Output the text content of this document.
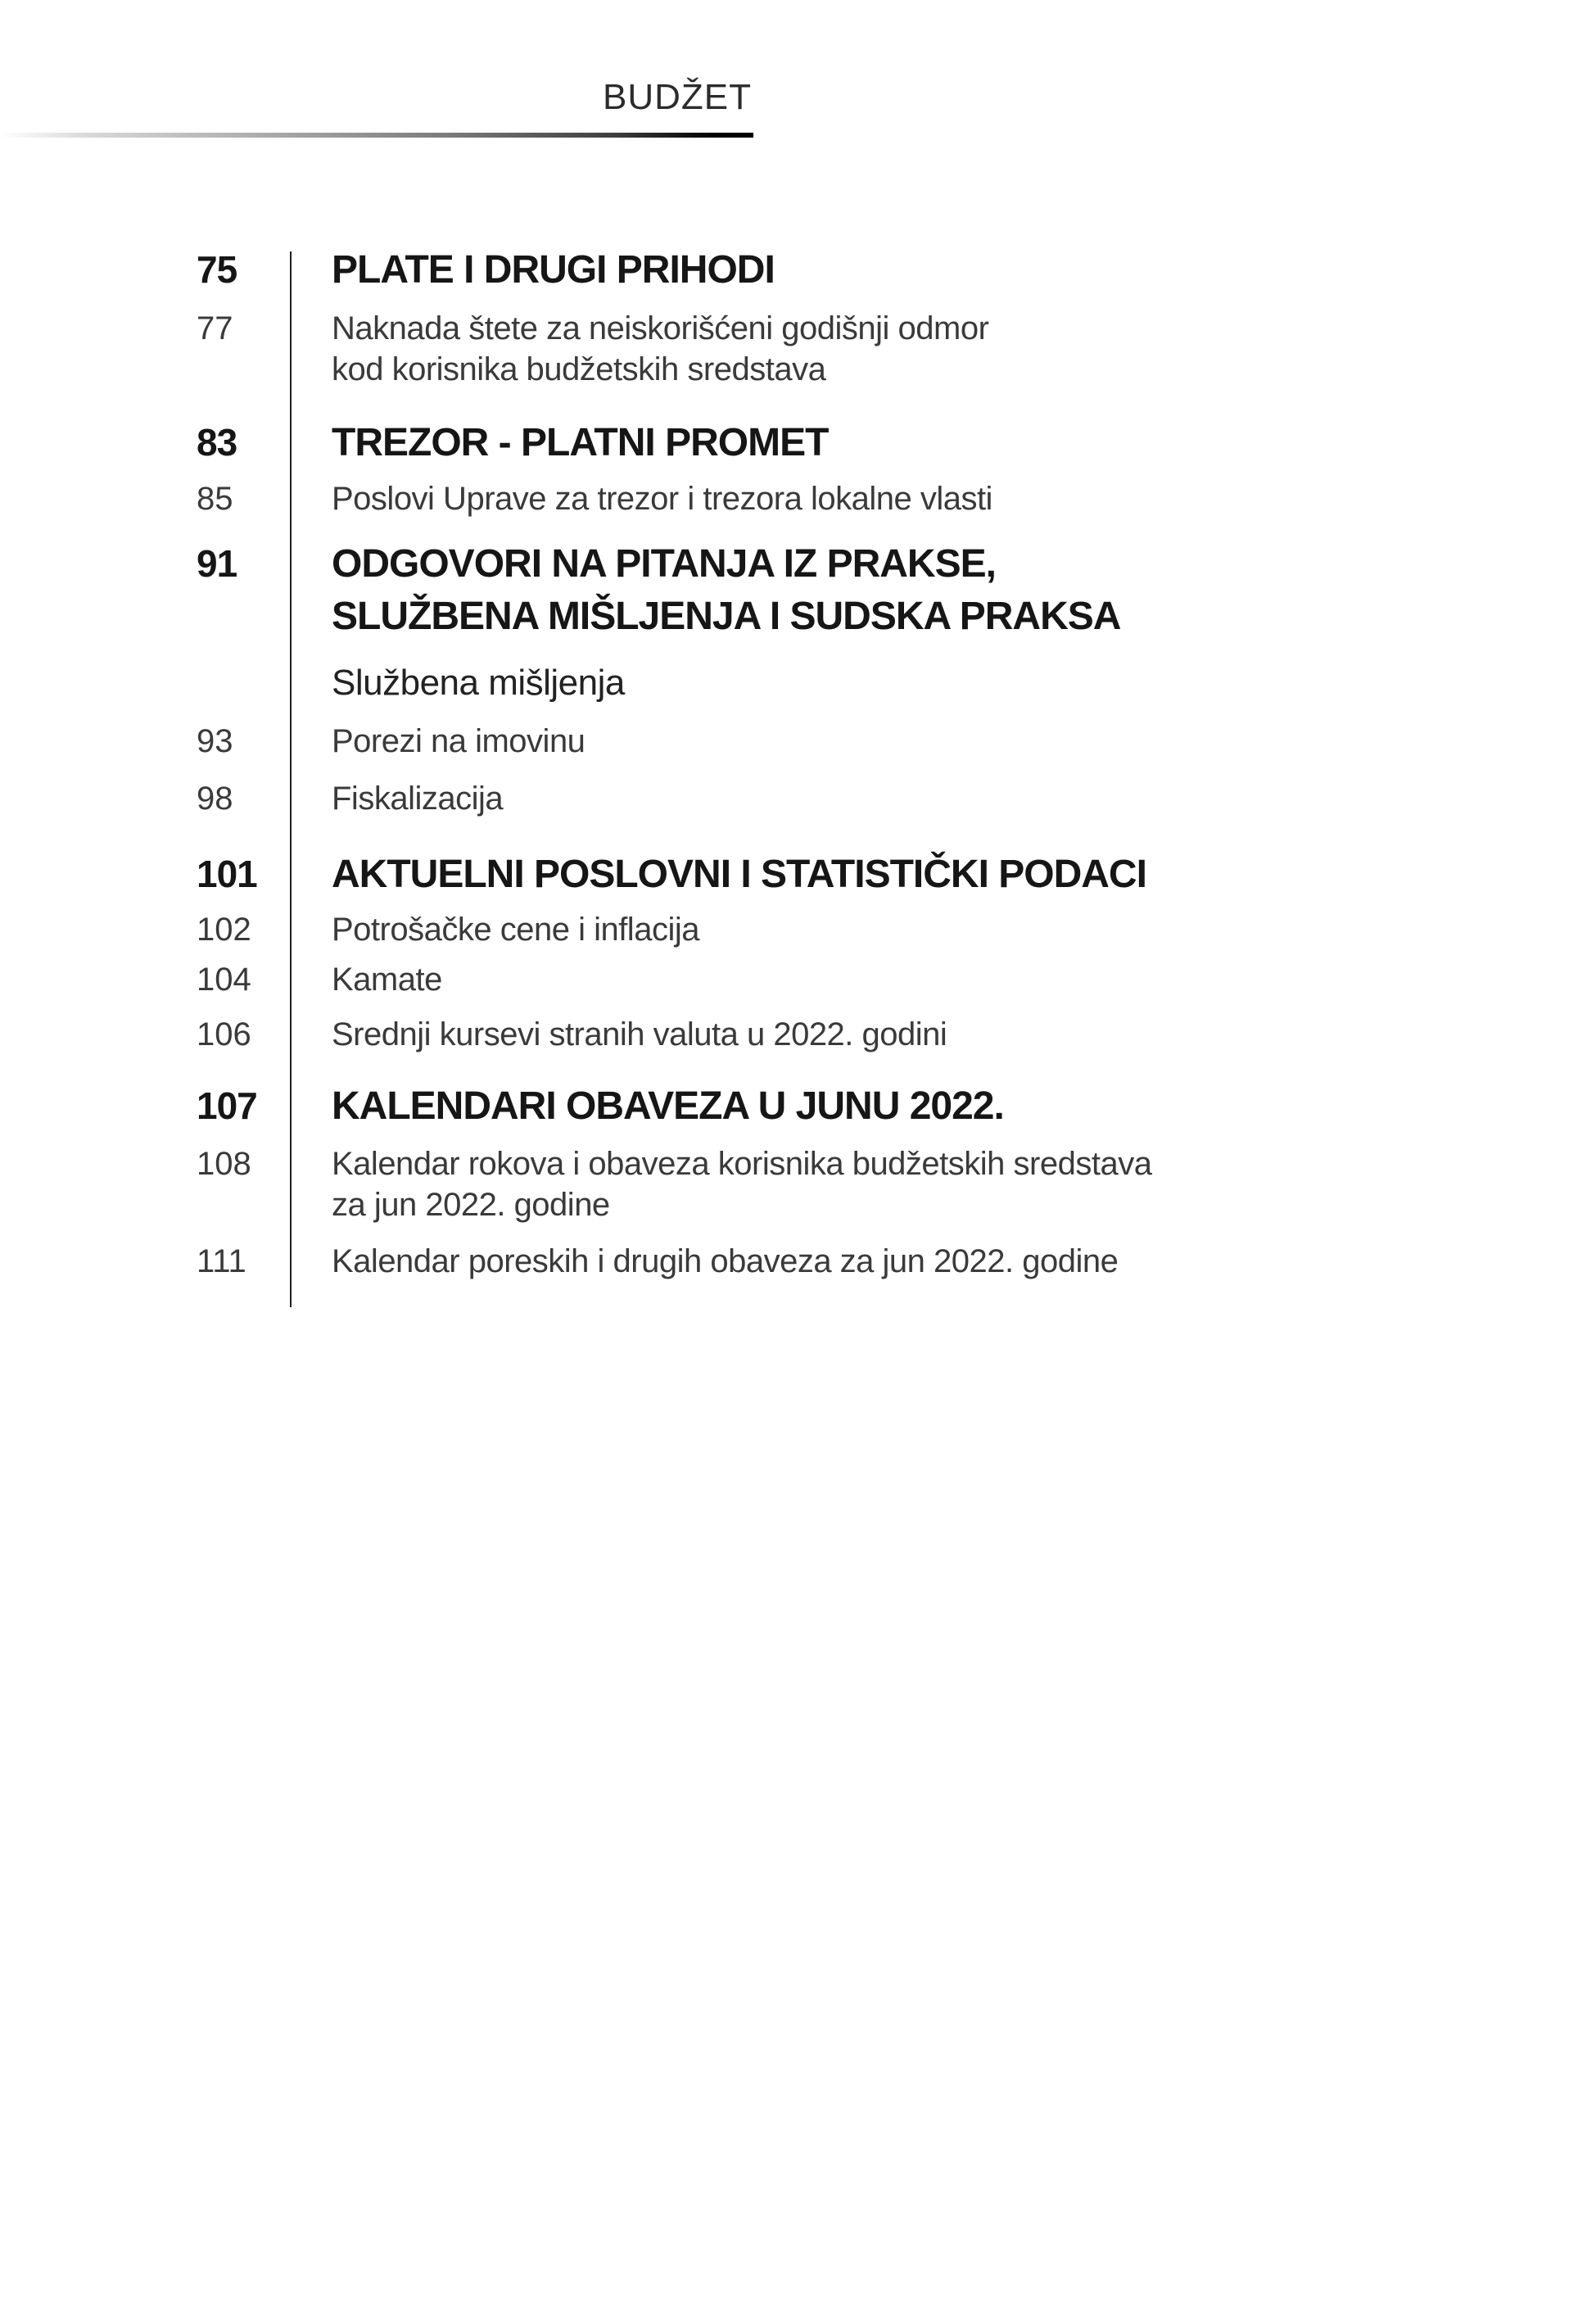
BUDŽET
75	PLATE I DRUGI PRIHODI
77	Naknada štete za neiskorišćeni godišnji odmor
kod korisnika budžetskih sredstava
83	TREZOR - PLATNI PROMET
85	Poslovi Uprave za trezor i trezora lokalne vlasti
91	ODGOVORI NA PITANJA IZ PRAKSE,
SLUŽBENA MIŠLJENJA I SUDSKA PRAKSA
Službena mišljenja
93	Porezi na imovinu
98	Fiskalizacija
101	AKTUELNI POSLOVNI I STATISTIČKI PODACI
102	Potrošačke cene i inflacija
104	Kamate
106	Srednji kursevi stranih valuta u 2022. godini
107	KALENDARI OBAVEZA U JUNU 2022.
108	Kalendar rokova i obaveza korisnika budžetskih sredstava
za jun 2022. godine
111	Kalendar poreskih i drugih obaveza za jun 2022. godine
